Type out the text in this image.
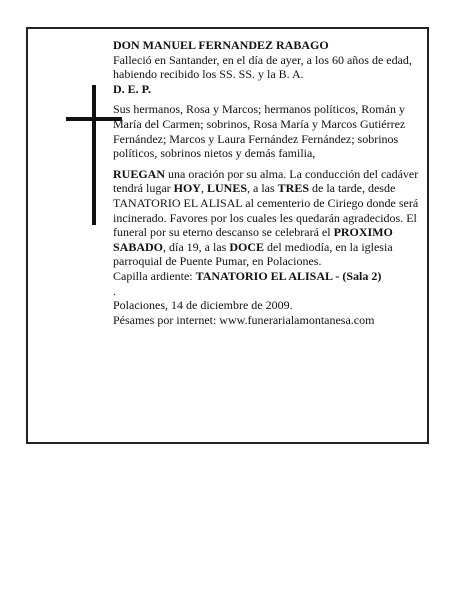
DON MANUEL FERNANDEZ RABAGO

Falleció en Santander, en el día de ayer, a los 60 años de edad, habiendo recibido los SS. SS. y la B. A.

D. E. P.

Sus hermanos, Rosa y Marcos; hermanos políticos, Román y María del Carmen; sobrinos, Rosa María y Marcos Gutiérrez Fernández; Marcos y Laura Fernández Fernández; sobrinos políticos, sobrinos nietos y demás familia,

RUEGAN una oración por su alma. La conducción del cadáver tendrá lugar HOY, LUNES, a las TRES de la tarde, desde TANATORIO EL ALISAL al cementerio de Ciriego donde será incinerado. Favores por los cuales les quedarán agradecidos. El funeral por su eterno descanso se celebrará el PROXIMO SABADO, día 19, a las DOCE del mediodía, en la iglesia parroquial de Puente Pumar, en Polaciones.

Capilla ardiente: TANATORIO EL ALISAL - (Sala 2)

.

Polaciones, 14 de diciembre de 2009.

Pésames por internet: www.funerarialamontanesa.com
